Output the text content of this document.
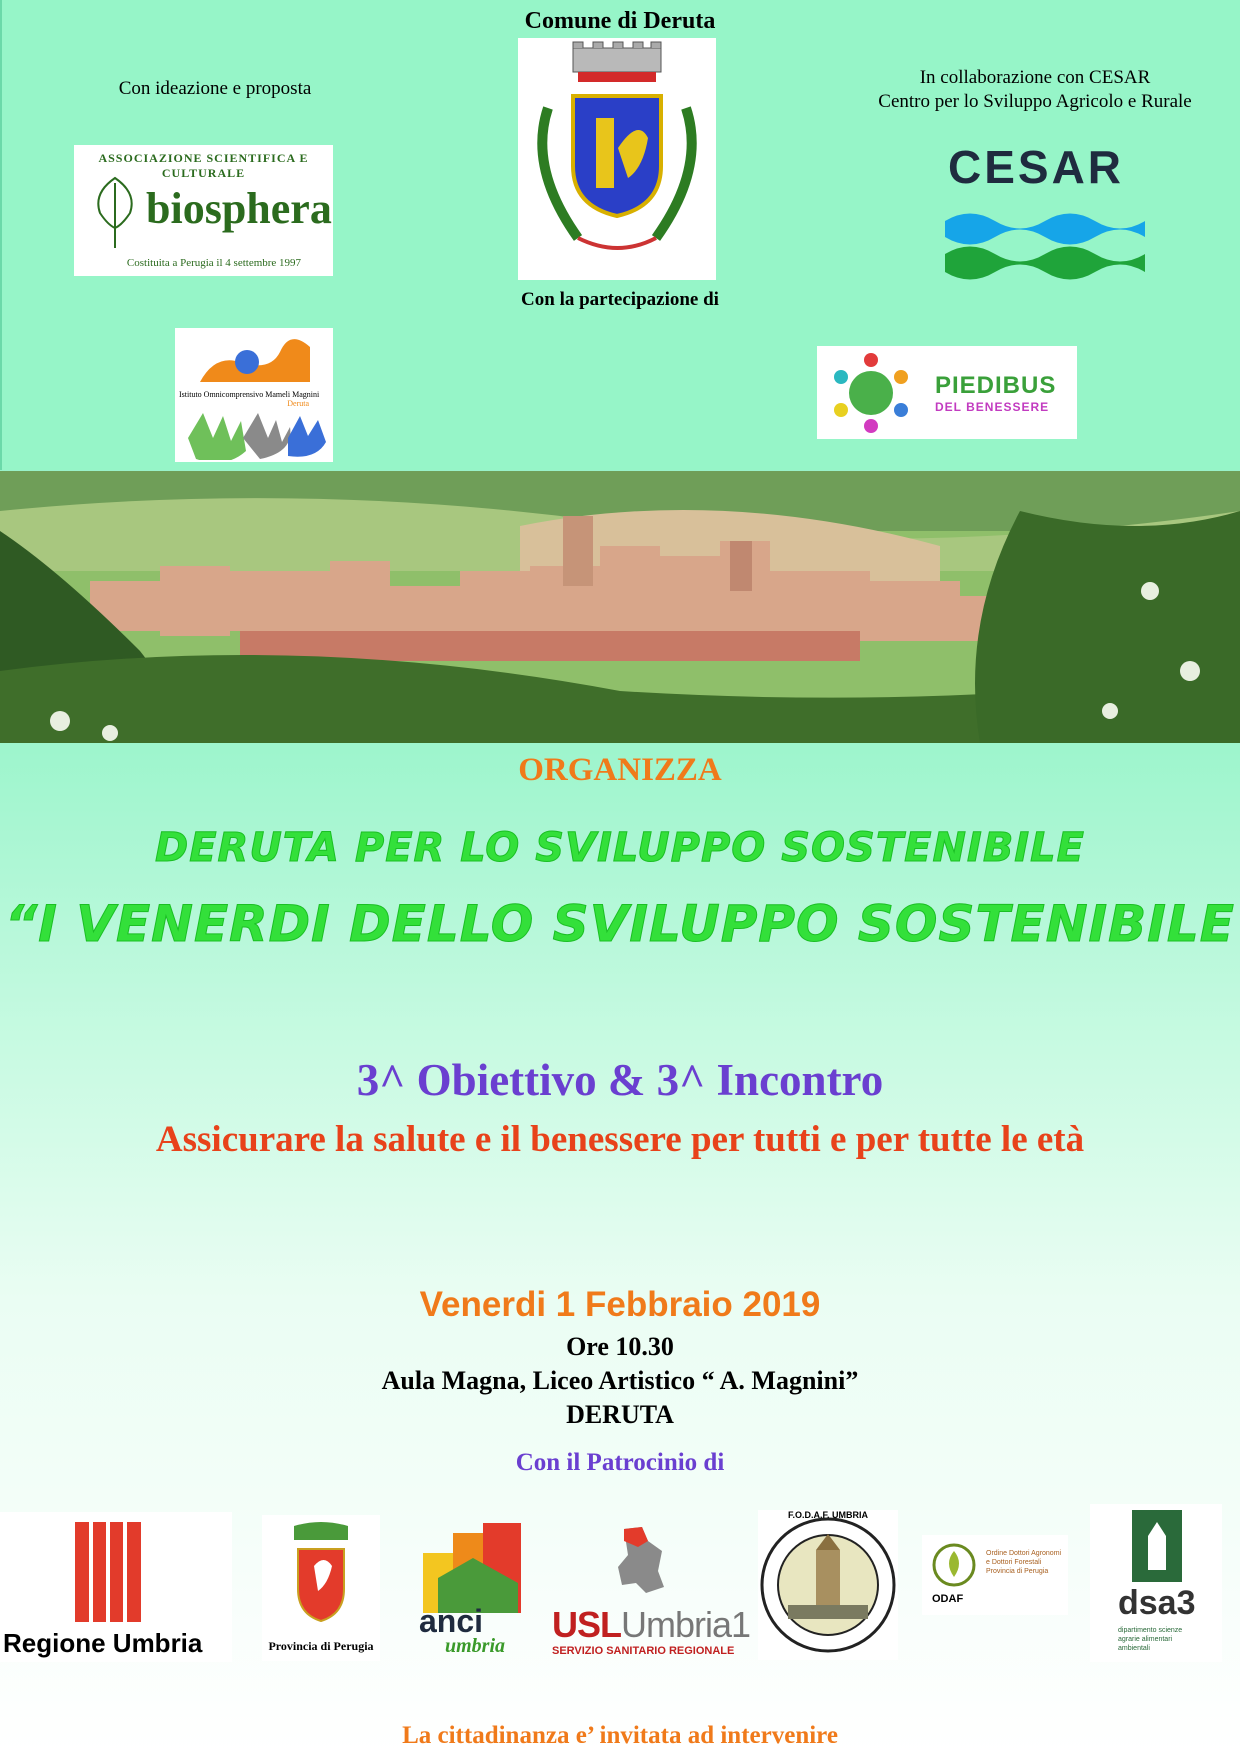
Comune di Deruta
Con ideazione e proposta
In collaborazione con CESAR
Centro per lo Sviluppo Agricolo e Rurale
Con la partecipazione di
ASSOCIAZIONE SCIENTIFICA E CULTURALE
biosphera
Costituita a Perugia il 4 settembre 1997
CESAR
Istituto Omnicomprensivo Mameli Magnini
Deruta
PIEDIBUS
DEL BENESSERE
ORGANIZZA
DERUTA PER LO SVILUPPO SOSTENIBILE
“I VENERDI DELLO SVILUPPO SOSTENIBILE
3^ Obiettivo & 3^ Incontro
Assicurare la salute e il benessere per tutti e per tutte le età
Venerdi 1 Febbraio 2019
Ore 10.30
Aula Magna, Liceo Artistico “ A. Magnini”
DERUTA
Con il Patrocinio di
Regione Umbria	Provincia di Perugia
anci
umbria
USLUmbria1
SERVIZIO SANITARIO REGIONALE
F.O.D.A.F. UMBRIA
ODAF
Ordine Dottori Agronomi e Dottori Forestali Provincia di Perugia
dsa3
dipartimento scienze agrarie alimentari ambientali
La cittadinanza e’ invitata ad intervenire
